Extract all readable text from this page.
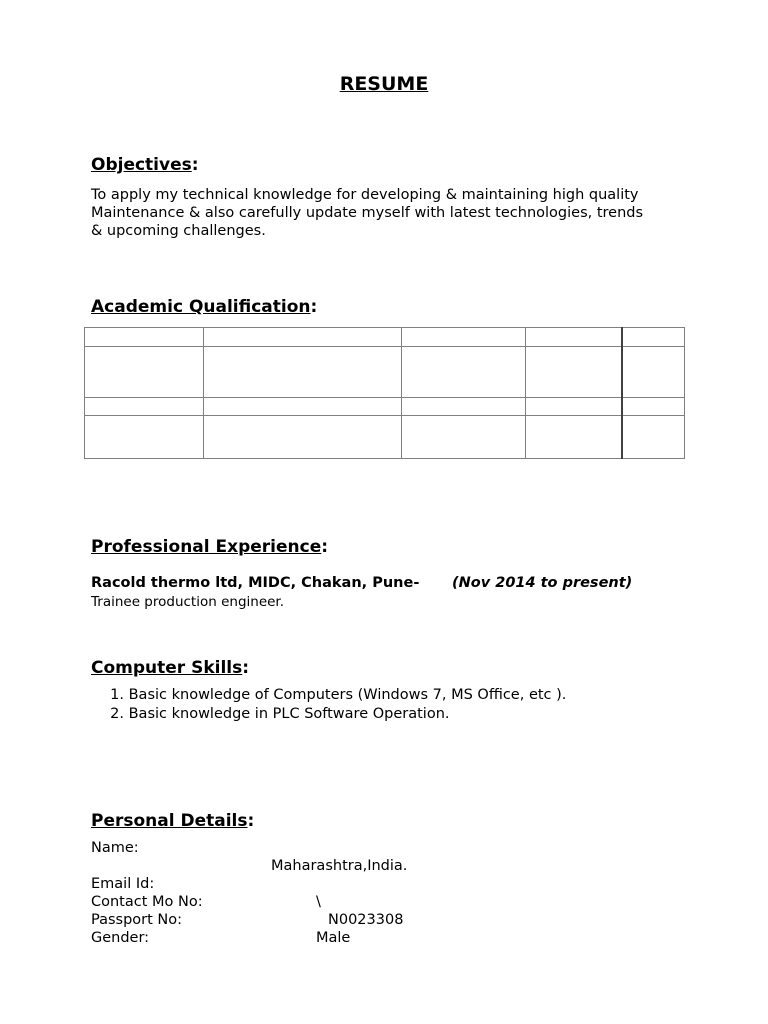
RESUME
Objectives:
To apply my technical knowledge for developing & maintaining high quality
Maintenance & also carefully update myself with latest technologies, trends
& upcoming challenges.
Academic Qualification:

Professional Experience:
Racold thermo ltd, MIDC, Chakan, Pune- (Nov 2014 to present)
Trainee production engineer.
Computer Skills:
1.
Basic knowledge of Computers (Windows 7, MS Office, etc ).
2.
Basic knowledge in PLC Software Operation.
Personal Details:
Name:
Maharashtra,India.
Email Id:
Contact Mo No:	\
Passport No:	N0023308
Gender:	Male
